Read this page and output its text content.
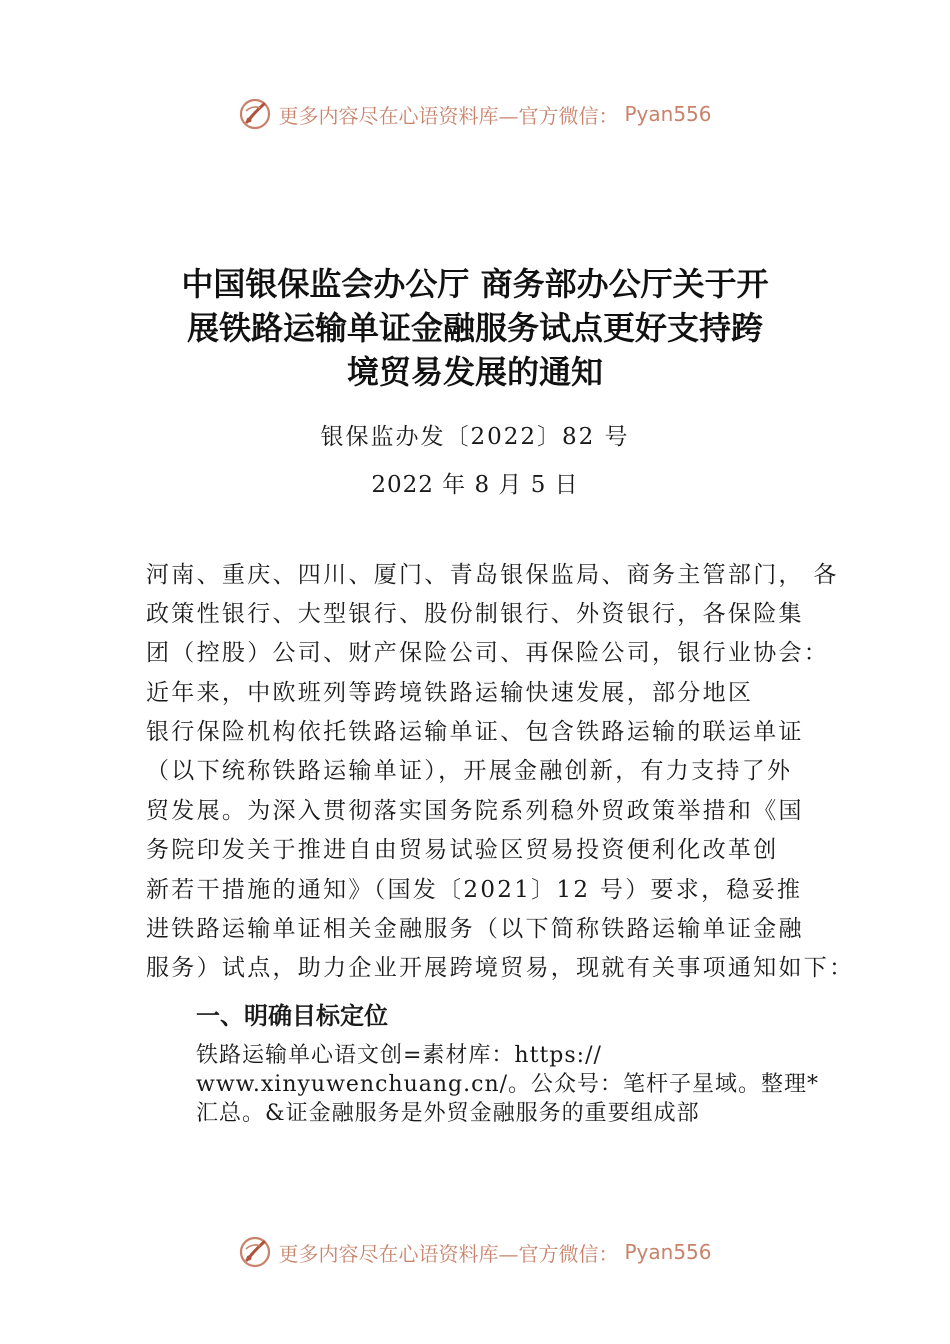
更多内容尽在心语资料库—官方微信： Pyan556
中国银保监会办公厅 商务部办公厅关于开
展铁路运输单证金融服务试点更好支持跨
境贸易发展的通知
银保监办发〔2022〕82 号
2022 年 8 月 5 日
河南、重庆、四川、厦门、青岛银保监局、商务主管部门， 各
政策性银行、大型银行、股份制银行、外资银行，各保险集
团（控股）公司、财产保险公司、再保险公司，银行业协会：
近年来，中欧班列等跨境铁路运输快速发展，部分地区
银行保险机构依托铁路运输单证、包含铁路运输的联运单证
（以下统称铁路运输单证），开展金融创新，有力支持了外
贸发展。为深入贯彻落实国务院系列稳外贸政策举措和《国
务院印发关于推进自由贸易试验区贸易投资便利化改革创
新若干措施的通知》（国发〔2021〕12 号）要求，稳妥推
进铁路运输单证相关金融服务（以下简称铁路运输单证金融
服务）试点，助力企业开展跨境贸易，现就有关事项通知如下：
一、明确目标定位
铁路运输单心语文创=素材库：https://
www.xinyuwenchuang.cn/。公众号：笔杆子星域。整理*
汇总。&证金融服务是外贸金融服务的重要组成部
更多内容尽在心语资料库—官方微信： Pyan556
